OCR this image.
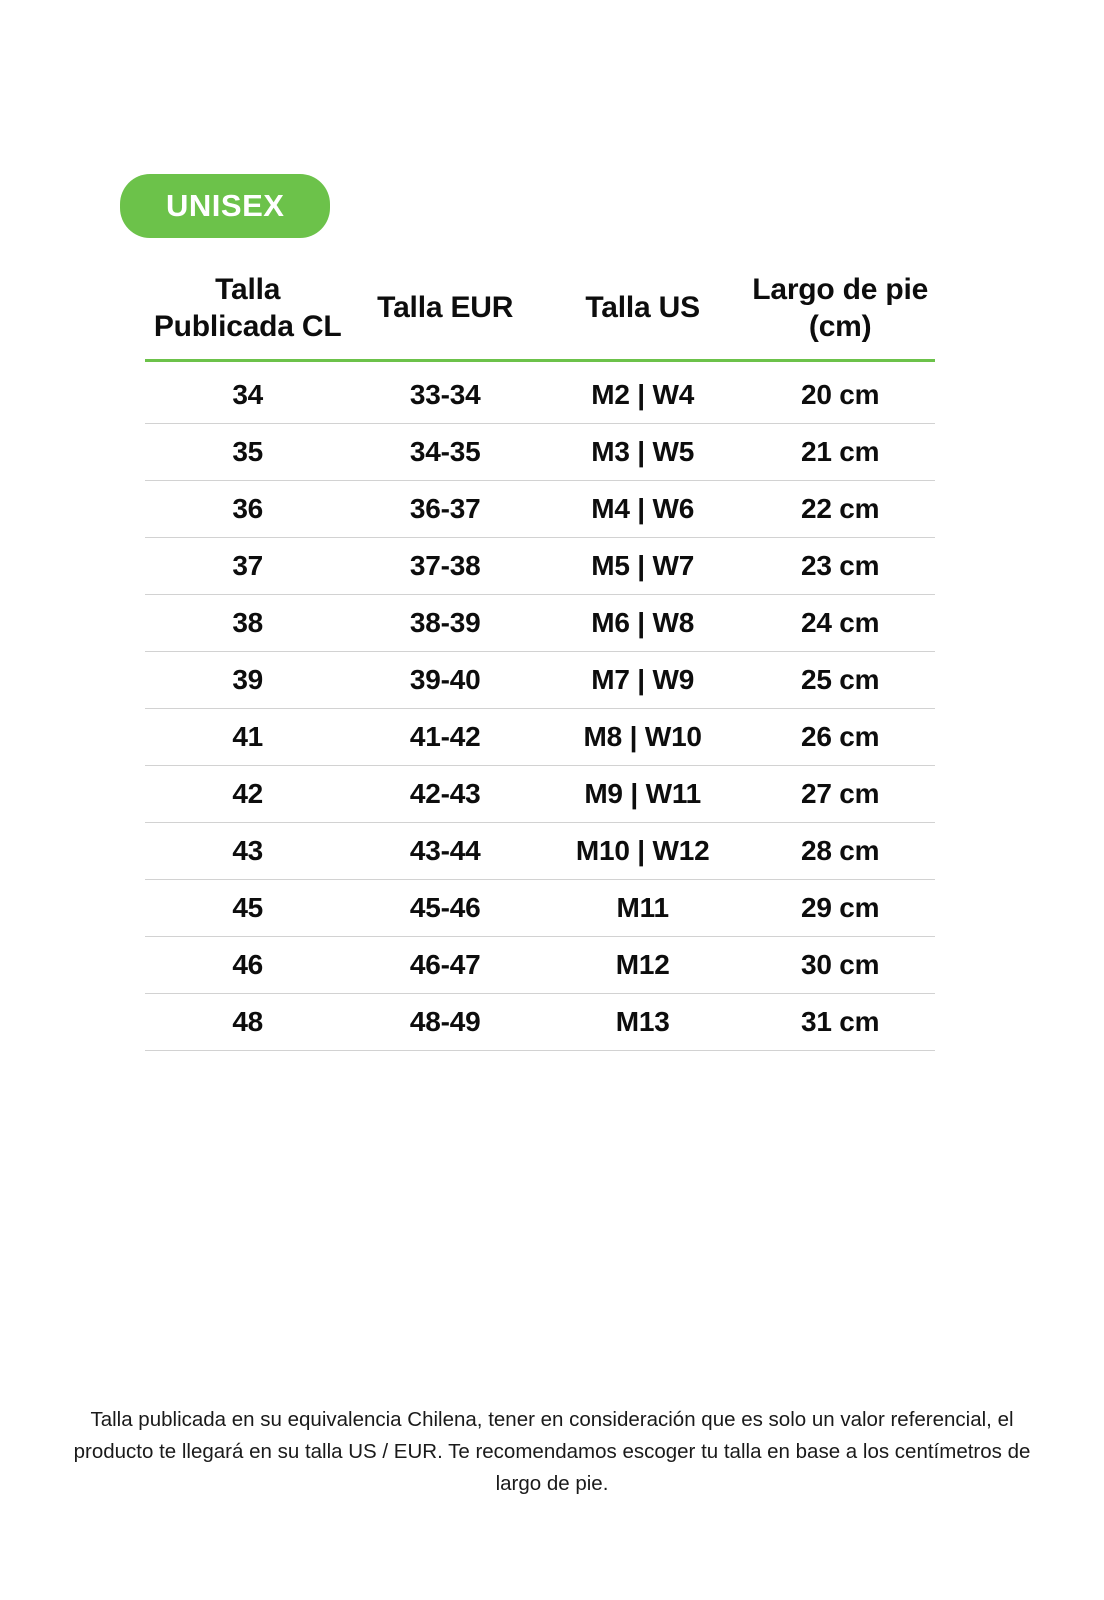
UNISEX
Talla Publicada CL	Talla EUR	Talla US	Largo de pie (cm)
34	33-34	M2 | W4	20 cm
35	34-35	M3 | W5	21 cm
36	36-37	M4 | W6	22 cm
37	37-38	M5 | W7	23 cm
38	38-39	M6 | W8	24 cm
39	39-40	M7 | W9	25 cm
41	41-42	M8 | W10	26 cm
42	42-43	M9 | W11	27 cm
43	43-44	M10 | W12	28 cm
45	45-46	M11	29 cm
46	46-47	M12	30 cm
48	48-49	M13	31 cm
Talla publicada en su equivalencia Chilena, tener en consideración que es solo un valor referencial, el producto te llegará en su talla US / EUR. Te recomendamos escoger tu talla en base a los centímetros de largo de pie.
